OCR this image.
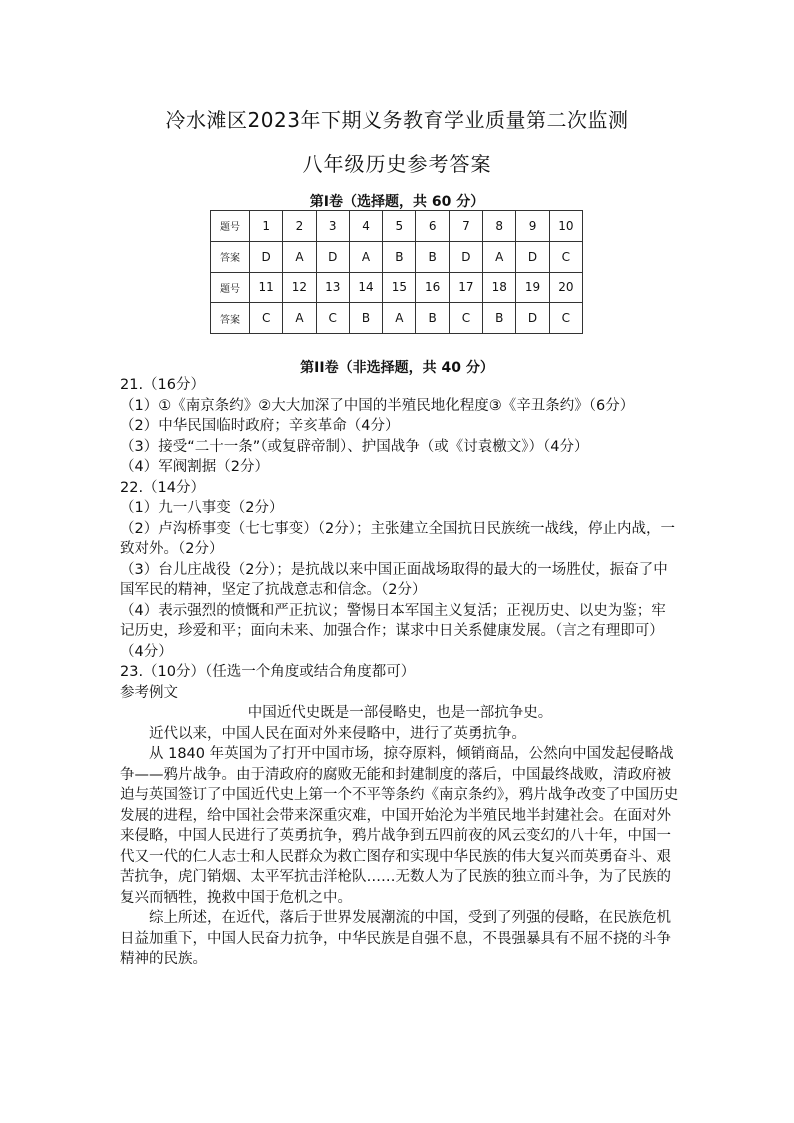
冷水滩区2023年下期义务教育学业质量第二次监测
八年级历史参考答案
第Ⅰ卷（选择题，共 60 分）
题号	1	2	3	4	5	6	7	8	9	10
答案	D	A	D	A	B	B	D	A	D	C
题号	11	12	13	14	15	16	17	18	19	20
答案	C	A	C	B	A	B	C	B	D	C
第II卷（非选择题，共 40 分）

21.（16分）

（1）①《南京条约》②大大加深了中国的半殖民地化程度③《辛丑条约》（6分）

（2）中华民国临时政府；辛亥革命（4分）

（3）接受“二十一条”（或复辟帝制）、护国战争（或《讨袁檄文》）（4分）

（4）军阀割据（2分）

22.（14分）

（1）九一八事变（2分）

（2）卢沟桥事变（七七事变）（2分）；主张建立全国抗日民族统一战线，停止内战，一致对外。（2分）

（3）台儿庄战役（2分）；是抗战以来中国正面战场取得的最大的一场胜仗，振奋了中国军民的精神，坚定了抗战意志和信念。（2分）

（4）表示强烈的愤慨和严正抗议；警惕日本军国主义复活；正视历史、以史为鉴；牢记历史，珍爱和平；面向未来、加强合作；谋求中日关系健康发展。（言之有理即可）（4分）

23.（10分）（任选一个角度或结合角度都可）

参考例文

中国近代史既是一部侵略史，也是一部抗争史。

近代以来，中国人民在面对外来侵略中，进行了英勇抗争。

从 1840 年英国为了打开中国市场，掠夺原料，倾销商品，公然向中国发起侵略战争——鸦片战争。由于清政府的腐败无能和封建制度的落后，中国最终战败，清政府被迫与英国签订了中国近代史上第一个不平等条约《南京条约》，鸦片战争改变了中国历史发展的进程，给中国社会带来深重灾难，中国开始沦为半殖民地半封建社会。在面对外来侵略，中国人民进行了英勇抗争，鸦片战争到五四前夜的风云变幻的八十年，中国一代又一代的仁人志士和人民群众为救亡图存和实现中华民族的伟大复兴而英勇奋斗、艰苦抗争，虎门销烟、太平军抗击洋枪队……无数人为了民族的独立而斗争，为了民族的复兴而牺牲，挽救中国于危机之中。

综上所述，在近代，落后于世界发展潮流的中国，受到了列强的侵略，在民族危机日益加重下，中国人民奋力抗争，中华民族是自强不息，不畏强暴具有不屈不挠的斗争精神的民族。
